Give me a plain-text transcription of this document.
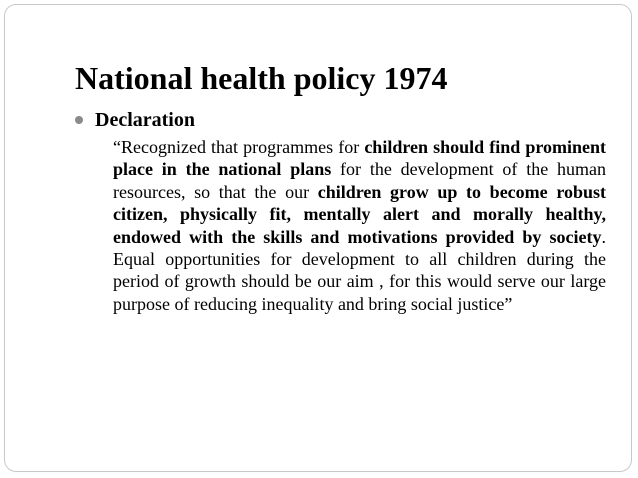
National health policy 1974
Declaration

“Recognized that programmes for children should find prominent place in the national plans for the development of the human resources, so that the our children grow up to become robust citizen, physically fit, mentally alert and morally healthy, endowed with the skills and motivations provided by society. Equal opportunities for development to all children during the period of growth should be our aim , for this would serve our large purpose of reducing inequality and bring social justice”
